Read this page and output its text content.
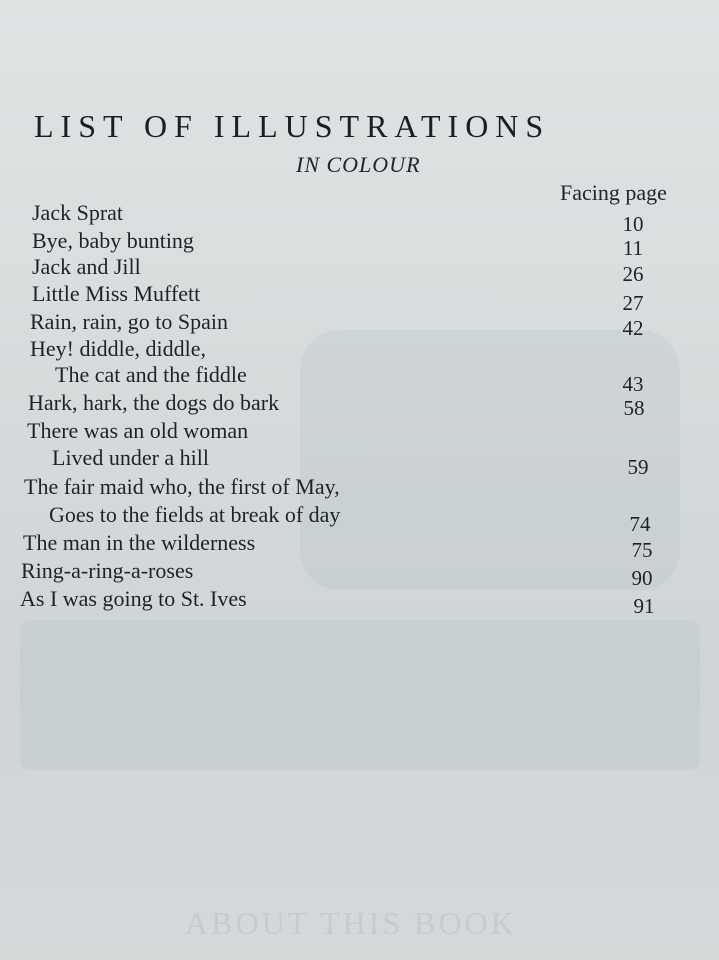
LIST OF ILLUSTRATIONS
IN COLOUR
Facing page
Jack Sprat	10
Bye, baby bunting	11
Jack and Jill	26
Little Miss Muffett	27
Rain, rain, go to Spain	42
Hey! diddle, diddle,
The cat and the fiddle	43
Hark, hark, the dogs do bark	58
There was an old woman
Lived under a hill	59
The fair maid who, the first of May,
Goes to the fields at break of day	74
The man in the wilderness	75
Ring-a-ring-a-roses	90
As I was going to St. Ives	91
ABOUT THIS BOOK
